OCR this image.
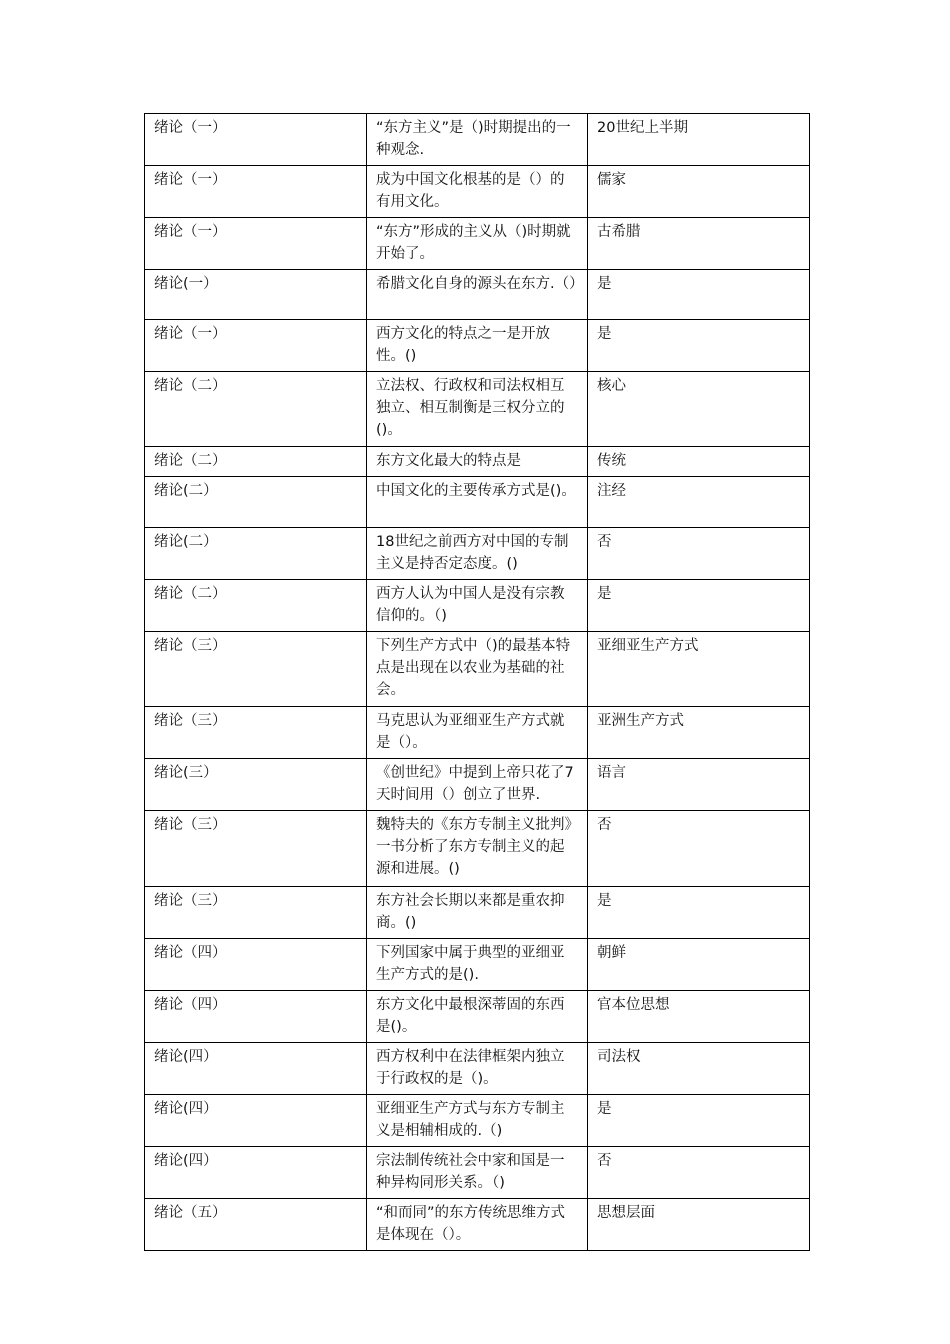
绪论（一）	“东方主义”是（)时期提出的一种观念.	20世纪上半期
绪论（一）	成为中国文化根基的是（）的有用文化。	儒家
绪论（一）	“东方”形成的主义从（)时期就开始了。	古希腊
绪论(一）	希腊文化自身的源头在东方.（）	是
绪论（一）	西方文化的特点之一是开放性。()	是
绪论（二）	立法权、行政权和司法权相互独立、相互制衡是三权分立的()。	核心
绪论（二）	东方文化最大的特点是	传统
绪论(二）	中国文化的主要传承方式是()。	注经
绪论(二）	18世纪之前西方对中国的专制主义是持否定态度。()	否
绪论（二）	西方人认为中国人是没有宗教信仰的。（)	是
绪论（三）	下列生产方式中（)的最基本特点是出现在以农业为基础的社会。	亚细亚生产方式
绪论（三）	马克思认为亚细亚生产方式就是（）。	亚洲生产方式
绪论(三）	《创世纪》中提到上帝只花了7天时间用（）创立了世界.	语言
绪论（三）	魏特夫的《东方专制主义批判》一书分析了东方专制主义的起源和进展。()	否
绪论（三）	东方社会长期以来都是重农抑商。()	是
绪论（四）	下列国家中属于典型的亚细亚生产方式的是().	朝鲜
绪论（四）	东方文化中最根深蒂固的东西是()。	官本位思想
绪论(四）	西方权利中在法律框架内独立于行政权的是（)。	司法权
绪论(四）	亚细亚生产方式与东方专制主义是相辅相成的.（)	是
绪论(四）	宗法制传统社会中家和国是一种异构同形关系。（)	否
绪论（五）	“和而同”的东方传统思维方式是体现在（）。	思想层面
